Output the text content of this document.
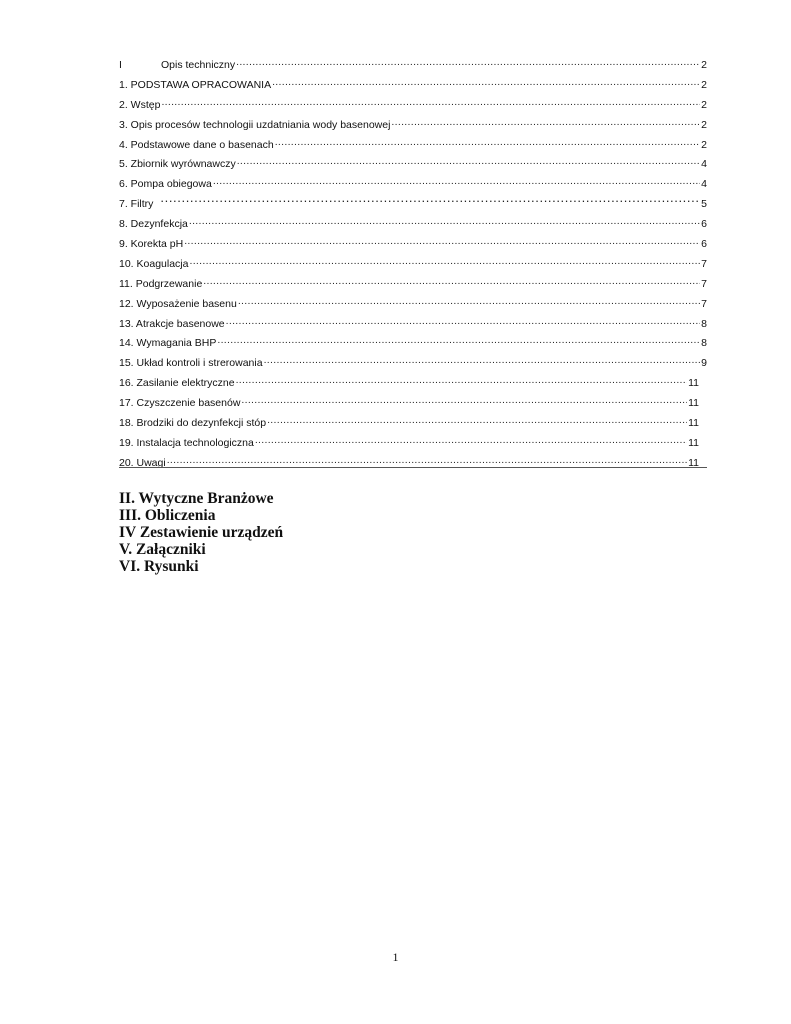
I	Opis techniczny .....	2
1. PODSTAWA OPRACOWANIA .....	2
2. Wstęp .....	2
3. Opis procesów technologii uzdatniania wody basenowej .....	2
4. Podstawowe dane o basenach .....	2
5. Zbiornik wyrównawczy .....	4
6. Pompa obiegowa .....	4
7. Filtry .....	5
8. Dezynfekcja .....	6
9. Korekta pH .....	6
10. Koagulacja .....	7
11. Podgrzewanie .....	7
12. Wyposażenie basenu .....	7
13. Atrakcje basenowe .....	8
14. Wymagania BHP .....	8
15. Układ kontroli i strerowania .....	9
16. Zasilanie elektryczne .....	11
17. Czyszczenie basenów .....	11
18. Brodziki do dezynfekcji stóp .....	11
19. Instalacja technologiczna .....	11
20. Uwagi .....	11
II. Wytyczne Branżowe
III. Obliczenia
IV Zestawienie urządzeń
V. Załączniki
VI. Rysunki
1
